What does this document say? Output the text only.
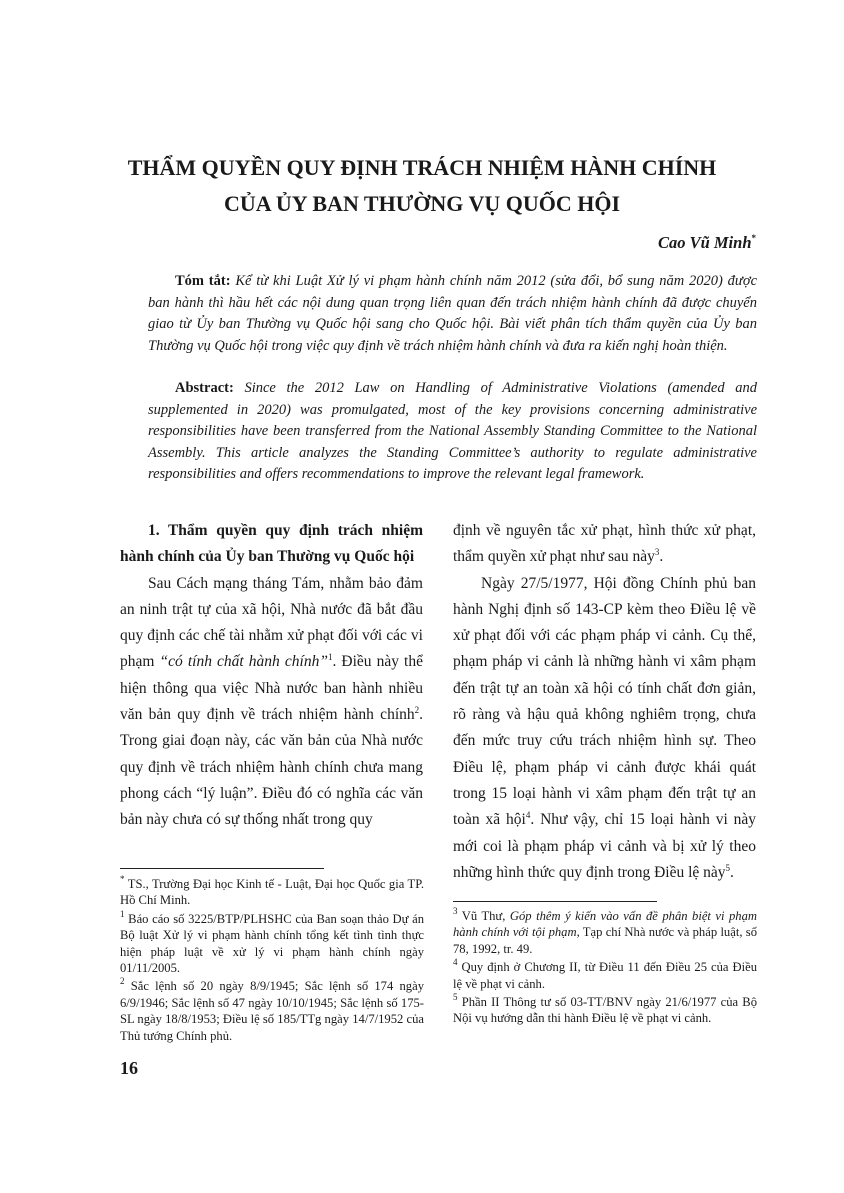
THẨM QUYỀN QUY ĐỊNH TRÁCH NHIỆM HÀNH CHÍNH
CỦA ỦY BAN THƯỜNG VỤ QUỐC HỘI
Cao Vũ Minh*

Tóm tắt: Kể từ khi Luật Xử lý vi phạm hành chính năm 2012 (sửa đổi, bổ sung năm 2020) được ban hành thì hầu hết các nội dung quan trọng liên quan đến trách nhiệm hành chính đã được chuyển giao từ Ủy ban Thường vụ Quốc hội sang cho Quốc hội. Bài viết phân tích thẩm quyền của Ủy ban Thường vụ Quốc hội trong việc quy định về trách nhiệm hành chính và đưa ra kiến nghị hoàn thiện.

Abstract: Since the 2012 Law on Handling of Administrative Violations (amended and supplemented in 2020) was promulgated, most of the key provisions concerning administrative responsibilities have been transferred from the National Assembly Standing Committee to the National Assembly. This article analyzes the Standing Committee’s authority to regulate administrative responsibilities and offers recommendations to improve the relevant legal framework.

1. Thẩm quyền quy định trách nhiệm hành chính của Ủy ban Thường vụ Quốc hội

Sau Cách mạng tháng Tám, nhằm bảo đảm an ninh trật tự của xã hội, Nhà nước đã bắt đầu quy định các chế tài nhằm xử phạt đối với các vi phạm “có tính chất hành chính”$^1$. Điều này thể hiện thông qua việc Nhà nước ban hành nhiều văn bản quy định về trách nhiệm hành chính$^2$. Trong giai đoạn này, các văn bản của Nhà nước quy định về trách nhiệm hành chính chưa mang phong cách “lý luận”. Điều đó có nghĩa các văn bản này chưa có sự thống nhất trong quy

định về nguyên tắc xử phạt, hình thức xử phạt, thẩm quyền xử phạt như sau này$^3$.

Ngày 27/5/1977, Hội đồng Chính phủ ban hành Nghị định số 143-CP kèm theo Điều lệ về xử phạt đối với các phạm pháp vi cảnh. Cụ thể, phạm pháp vi cảnh là những hành vi xâm phạm đến trật tự an toàn xã hội có tính chất đơn giản, rõ ràng và hậu quả không nghiêm trọng, chưa đến mức truy cứu trách nhiệm hình sự. Theo Điều lệ, phạm pháp vi cảnh được khái quát trong 15 loại hành vi xâm phạm đến trật tự an toàn xã hội$^4$. Như vậy, chỉ 15 loại hành vi này mới coi là phạm pháp vi cảnh và bị xử lý theo những hình thức quy định trong Điều lệ này$^5$.

* TS., Trường Đại học Kinh tế - Luật, Đại học Quốc gia TP. Hồ Chí Minh.

$^1$ Báo cáo số 3225/BTP/PLHSHC của Ban soạn thảo Dự án Bộ luật Xử lý vi phạm hành chính tổng kết tình tình thực hiện pháp luật về xử lý vi phạm hành chính ngày 01/11/2005.

$^2$ Sắc lệnh số 20 ngày 8/9/1945; Sắc lệnh số 174 ngày 6/9/1946; Sắc lệnh số 47 ngày 10/10/1945; Sắc lệnh số 175-SL ngày 18/8/1953; Điều lệ số 185/TTg ngày 14/7/1952 của Thủ tướng Chính phủ.

$^3$ Vũ Thư, Góp thêm ý kiến vào vấn đề phân biệt vi phạm hành chính với tội phạm, Tạp chí Nhà nước và pháp luật, số 78, 1992, tr. 49.

$^4$ Quy định ở Chương II, từ Điều 11 đến Điều 25 của Điều lệ về phạt vi cảnh.

$^5$ Phần II Thông tư số 03-TT/BNV ngày 21/6/1977 của Bộ Nội vụ hướng dẫn thi hành Điều lệ về phạt vi cảnh.

16
